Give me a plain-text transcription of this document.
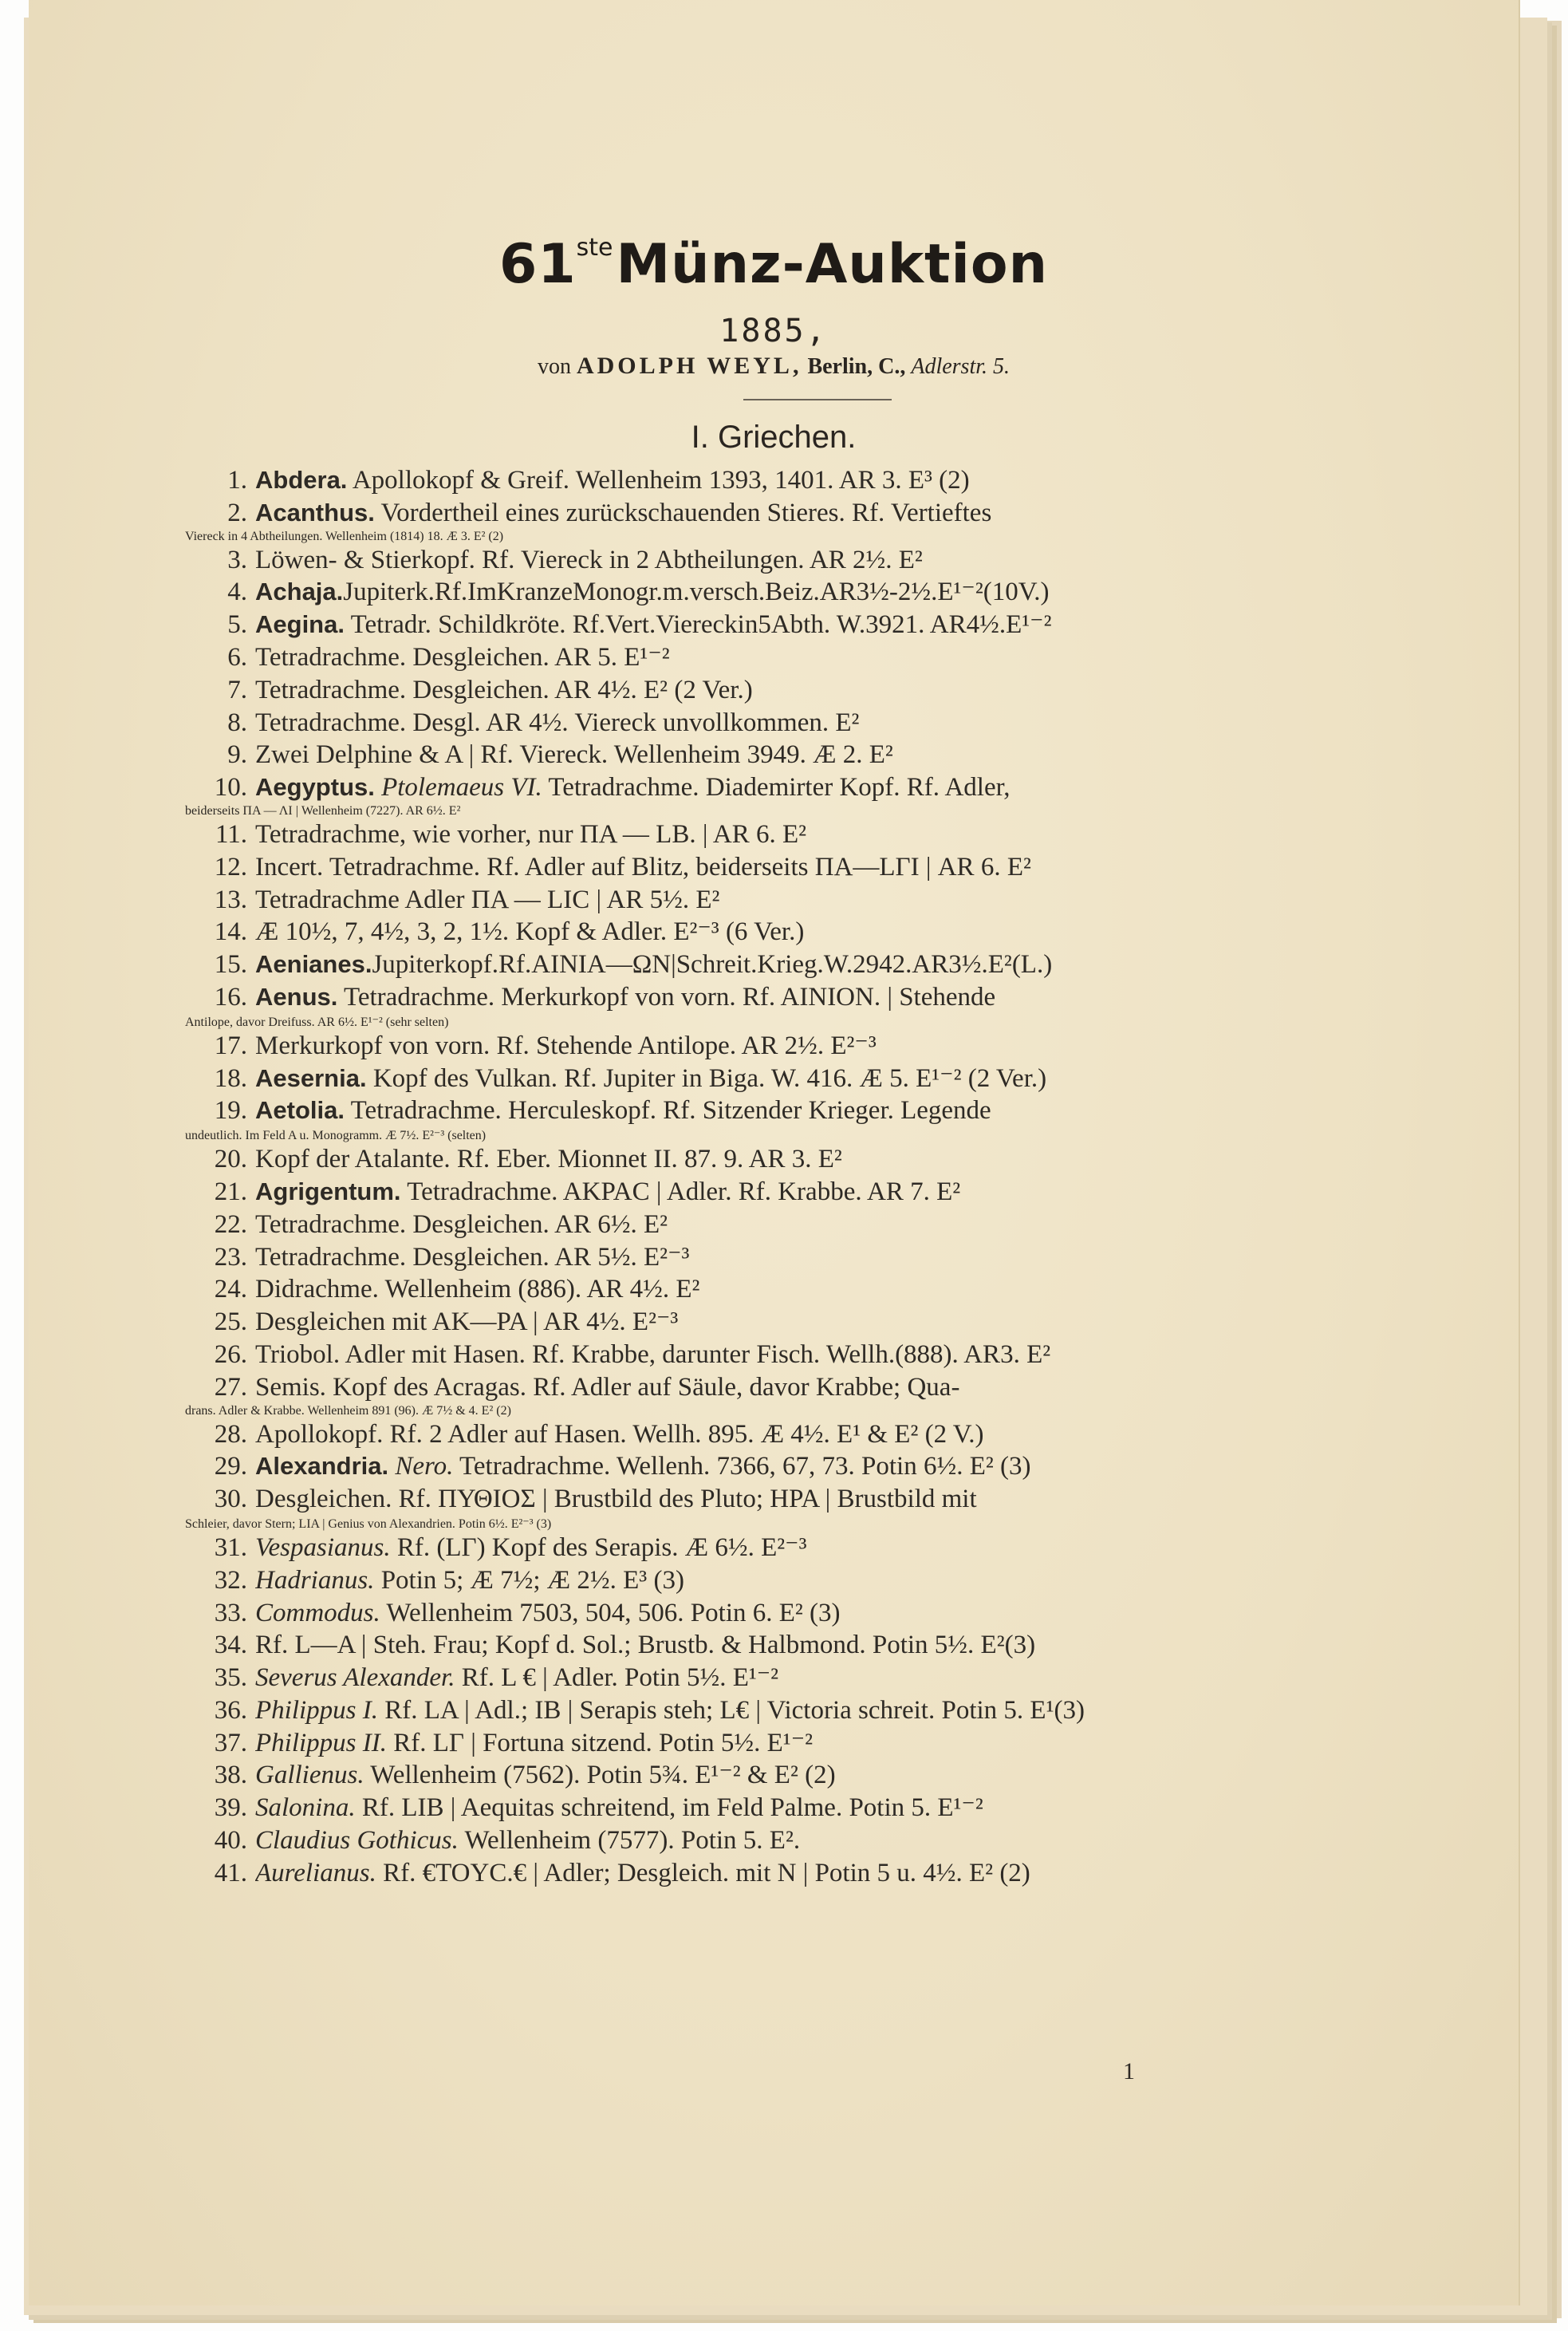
61ste Münz-Auktion
1885,
von ADOLPH WEYL, Berlin, C., Adlerstr. 5.
I. Griechen.
1. Abdera. Apollokopf & Greif. Wellenheim 1393, 1401. AR 3. E³ (2)
2. Acanthus. Vordertheil eines zurückschauenden Stieres. Rf. Vertieftes
Viereck in 4 Abtheilungen. Wellenheim (1814) 18. Æ 3. E² (2)
3. Löwen- & Stierkopf. Rf. Viereck in 2 Abtheilungen. AR 2½. E²
4. Achaja.Jupiterk.Rf.ImKranzeMonogr.m.versch.Beiz.AR3½-2½.E¹⁻²(10V.)
5. Aegina. Tetradr. Schildkröte. Rf.Vert.Viereckin5Abth. W.3921. AR4½.E¹⁻²
6. Tetradrachme. Desgleichen. AR 5. E¹⁻²
7. Tetradrachme. Desgleichen. AR 4½. E² (2 Ver.)
8. Tetradrachme. Desgl. AR 4½. Viereck unvollkommen. E²
9. Zwei Delphine & A | Rf. Viereck. Wellenheim 3949. Æ 2. E²
10. Aegyptus. Ptolemaeus VI. Tetradrachme. Diademirter Kopf. Rf. Adler,
beiderseits ΠΑ — ΛΙ | Wellenheim (7227). AR 6½. E²
11. Tetradrachme, wie vorher, nur ΠΑ — LB. | AR 6. E²
12. Incert. Tetradrachme. Rf. Adler auf Blitz, beiderseits ΠΑ—LΓΙ | AR 6. E²
13. Tetradrachme Adler ΠΑ — LIC | AR 5½. E²
14. Æ 10½, 7, 4½, 3, 2, 1½. Kopf & Adler. E²⁻³ (6 Ver.)
15. Aenianes.Jupiterkopf.Rf.AINIA—ΩN|Schreit.Krieg.W.2942.AR3½.E²(L.)
16. Aenus. Tetradrachme. Merkurkopf von vorn. Rf. AINION. | Stehende
Antilope, davor Dreifuss. AR 6½. E¹⁻² (sehr selten)
17. Merkurkopf von vorn. Rf. Stehende Antilope. AR 2½. E²⁻³
18. Aesernia. Kopf des Vulkan. Rf. Jupiter in Biga. W. 416. Æ 5. E¹⁻² (2 Ver.)
19. Aetolia. Tetradrachme. Herculeskopf. Rf. Sitzender Krieger. Legende
undeutlich. Im Feld A u. Monogramm. Æ 7½. E²⁻³ (selten)
20. Kopf der Atalante. Rf. Eber. Mionnet II. 87. 9. AR 3. E²
21. Agrigentum. Tetradrachme. AKPAC | Adler. Rf. Krabbe. AR 7. E²
22. Tetradrachme. Desgleichen. AR 6½. E²
23. Tetradrachme. Desgleichen. AR 5½. E²⁻³
24. Didrachme. Wellenheim (886). AR 4½. E²
25. Desgleichen mit AK—PA | AR 4½. E²⁻³
26. Triobol. Adler mit Hasen. Rf. Krabbe, darunter Fisch. Wellh.(888). AR3. E²
27. Semis. Kopf des Acragas. Rf. Adler auf Säule, davor Krabbe; Qua-
drans. Adler & Krabbe. Wellenheim 891 (96). Æ 7½ & 4. E² (2)
28. Apollokopf. Rf. 2 Adler auf Hasen. Wellh. 895. Æ 4½. E¹ & E² (2 V.)
29. Alexandria. Nero. Tetradrachme. Wellenh. 7366, 67, 73. Potin 6½. E² (3)
30. Desgleichen. Rf. ΠΥΘΙΟΣ | Brustbild des Pluto; HPA | Brustbild mit
Schleier, davor Stern; LIA | Genius von Alexandrien. Potin 6½. E²⁻³ (3)
31. Vespasianus. Rf. (LΓ) Kopf des Serapis. Æ 6½. E²⁻³
32. Hadrianus. Potin 5; Æ 7½; Æ 2½. E³ (3)
33. Commodus. Wellenheim 7503, 504, 506. Potin 6. E² (3)
34. Rf. L—A | Steh. Frau; Kopf d. Sol.; Brustb. & Halbmond. Potin 5½. E²(3)
35. Severus Alexander. Rf. L € | Adler. Potin 5½. E¹⁻²
36. Philippus I. Rf. LA | Adl.; IB | Serapis steh; L€ | Victoria schreit. Potin 5. E¹(3)
37. Philippus II. Rf. LΓ | Fortuna sitzend. Potin 5½. E¹⁻²
38. Gallienus. Wellenheim (7562). Potin 5¾. E¹⁻² & E² (2)
39. Salonina. Rf. LIB | Aequitas schreitend, im Feld Palme. Potin 5. E¹⁻²
40. Claudius Gothicus. Wellenheim (7577). Potin 5. E².
41. Aurelianus. Rf. €TOYC.€ | Adler; Desgleich. mit N | Potin 5 u. 4½. E² (2)
1
